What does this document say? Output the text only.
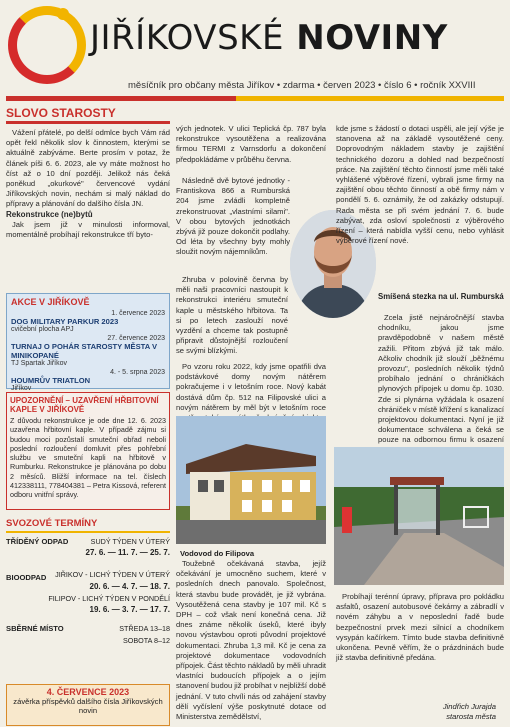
JIŘÍKOVSKÉ NOVINY
měsíčník pro občany města Jiříkov • zdarma • červen 2023 • číslo 6 • ročník XXVIII
SLOVO STAROSTY

Vážení přátelé, po delší odmlce bych Vám rád opět řekl několik slov k činnostem, kterými se aktuálně zabýváme. Berte prosím v potaz, že článek píši 6. 6. 2023, ale vy máte možnost ho číst až o 10 dní později. Jelikož nás čeká poněkud „okurkové" červencové vydání Jiříkovských novin, nechám si malý náklad do přípravy a plánování do dalšího čísla JN.

Rekonstrukce (ne)bytů

Jak jsem již v minulosti informoval, momentálně probíhají rekonstrukce tří byto-

AKCE V JIŘÍKOVĚ
1. července 2023
DOG MILITARY PARKUR 2023
cvičební plocha APJ
27. července 2023
TURNAJ O POHÁR STAROSTY MĚSTA V MINIKOPANÉ
TJ Spartak Jiříkov
4. - 5. srpna 2023
HOUMRŮV TRIATLON
Jiříkov
UPOZORNĚNÍ – UZAVŘENÍ HŘBITOVNÍ KAPLE V JIŘÍKOVĚ
Z důvodu rekonstrukce je ode dne 12. 6. 2023 uzavřena hřbitovní kaple. V případě zájmu si budou moci pozůstalí smuteční obřad neboli poslední rozloučení domluvit přes pohřební službu ve smuteční kapli na hřbitově v Rumburku. Rekonstrukce je plánována po dobu 2 měsíců. Bližší informace na tel. číslech 412338111, 778404381 – Petra Kissová, referent odboru vnitřní správy.
SVOZOVÉ TERMÍNY
TŘÍDĚNÝ ODPAD	SUDÝ TÝDEN V ÚTERÝ
27. 6. — 11. 7. — 25. 7.
JIŘIKOV - LICHÝ TÝDEN V ÚTERÝ
BIOODPAD
20. 6. — 4. 7. — 18. 7.
FILIPOV - LICHÝ TÝDEN V PONDĚLÍ
19. 6. — 3. 7. — 17. 7.
SBĚRNÉ MÍSTO	STŘEDA 13–18
SOBOTA 8–12
4. ČERVENCE 2023
závěrka příspěvků dalšího čísla Jiříkovských novin

vých jednotek. V ulici Teplická čp. 787 byla rekonstrukce vysoutěžena a realizována firmou TERMI z Varnsdorfu a dokončení předpokládáme v průběhu června.

Následně dvě bytové jednotky - Frantiskova 866 a Rumburská 204 jsme zvládli kompletně zrekonstruovat „vlastními silami". V obou bytových jednotkách zbývá již pouze dokončit podlahy. Od léta by všechny byty mohly sloužit novým nájemníkům.

Zhruba v polovině června by měli naši pracovníci nastoupit k rekonstrukci interiéru smuteční kaple u městského hřbitova. Ta si po letech zaslouží nové vyzdění a chceme tak postupně připravit důstojnější rozloučení se svými blízkými.

Po vzoru roku 2022, kdy jsme opatřili dva podstávkové domy novým nátěrem pokračujeme i v letošním roce. Nový kabát dostává dům čp. 512 na Filipovské ulici a novým nátěrem by měl být v letošním roce

Vodovod do Filipova

Toužebně očekávaná stavba, jejíž očekávání je umocněno suchem, které v posledních dnech panovalo. Společnost, která stavbu bude provádět, je již vybrána. Vysoutěžená cena stavby je 107 mil. Kč s DPH – což však není konečná cena. Již dnes známe několik úseků, které ibyly novou výstavbou oproti původní projektové dokumentaci. Zhruba 1,3 mil. Kč je cena za projektové dokumentace vodovodních přípojek. Část těchto nákladů by měli uhradit vlastníci budoucích přípojek a o jejím stanovení budou již probíhat v nejbližší době jednání. V tuto chvíli nás od zahájení stavby dělí vyčíslení výše poskytnuté dotace od Ministerstva zemědělství,

kde jsme s žádostí o dotaci uspěli, ale její výše je stanovena až na základě vysoutěžené ceny. Doprovodným nákladem stavby je zajištění technického dozoru a dohled nad bezpečností práce. Na zajištění těchto činností jsme měli také vyhlášené výběrové řízení, vybrali jsme firmy na zajištění obou těchto činností a obě firmy nám v pondělí 5. 6. oznámily, že od zakázky odstupují. Rada města se při svém jednání 7. 6. bude zabývat, zda osloví společnosti z výběrového řízení – která nabídla vyšší cenu, nebo vyhlásit výběrové řízení nové.

Smíšená stezka na ul. Rumburská

Zcela jistě nejnáročnější stavba chodníku, jakou jsme pravděpodobně v našem městě zažili. Přitom zbývá již tak málo. Ačkoliv chodník již slouží „běžnému provozu", posledních několik týdnů probíhalo jednání o chráničkách plynových přípojek u domu čp. 1030. Zde si plynárna vyžádala k osazení chrániček v místě křížení s kanalizací projektovou dokumentaci. Nyní je již dokumentace schválena a čeká se pouze na odbornou firmu k osazení

Probíhají terénní úpravy, příprava pro pokládku asfaltů, osazení autobusové čekárny a zábradlí v novém záhybu a v neposlední řadě bude bezpečnostní prvek mezi silnicí a chodníkem vysypán kačírkem. Tímto bude stavba definitivně ukončena. Pevně věřím, že o prázdninách bude již stavba definitivně předána.

Jindřich Jurajda
starosta města
